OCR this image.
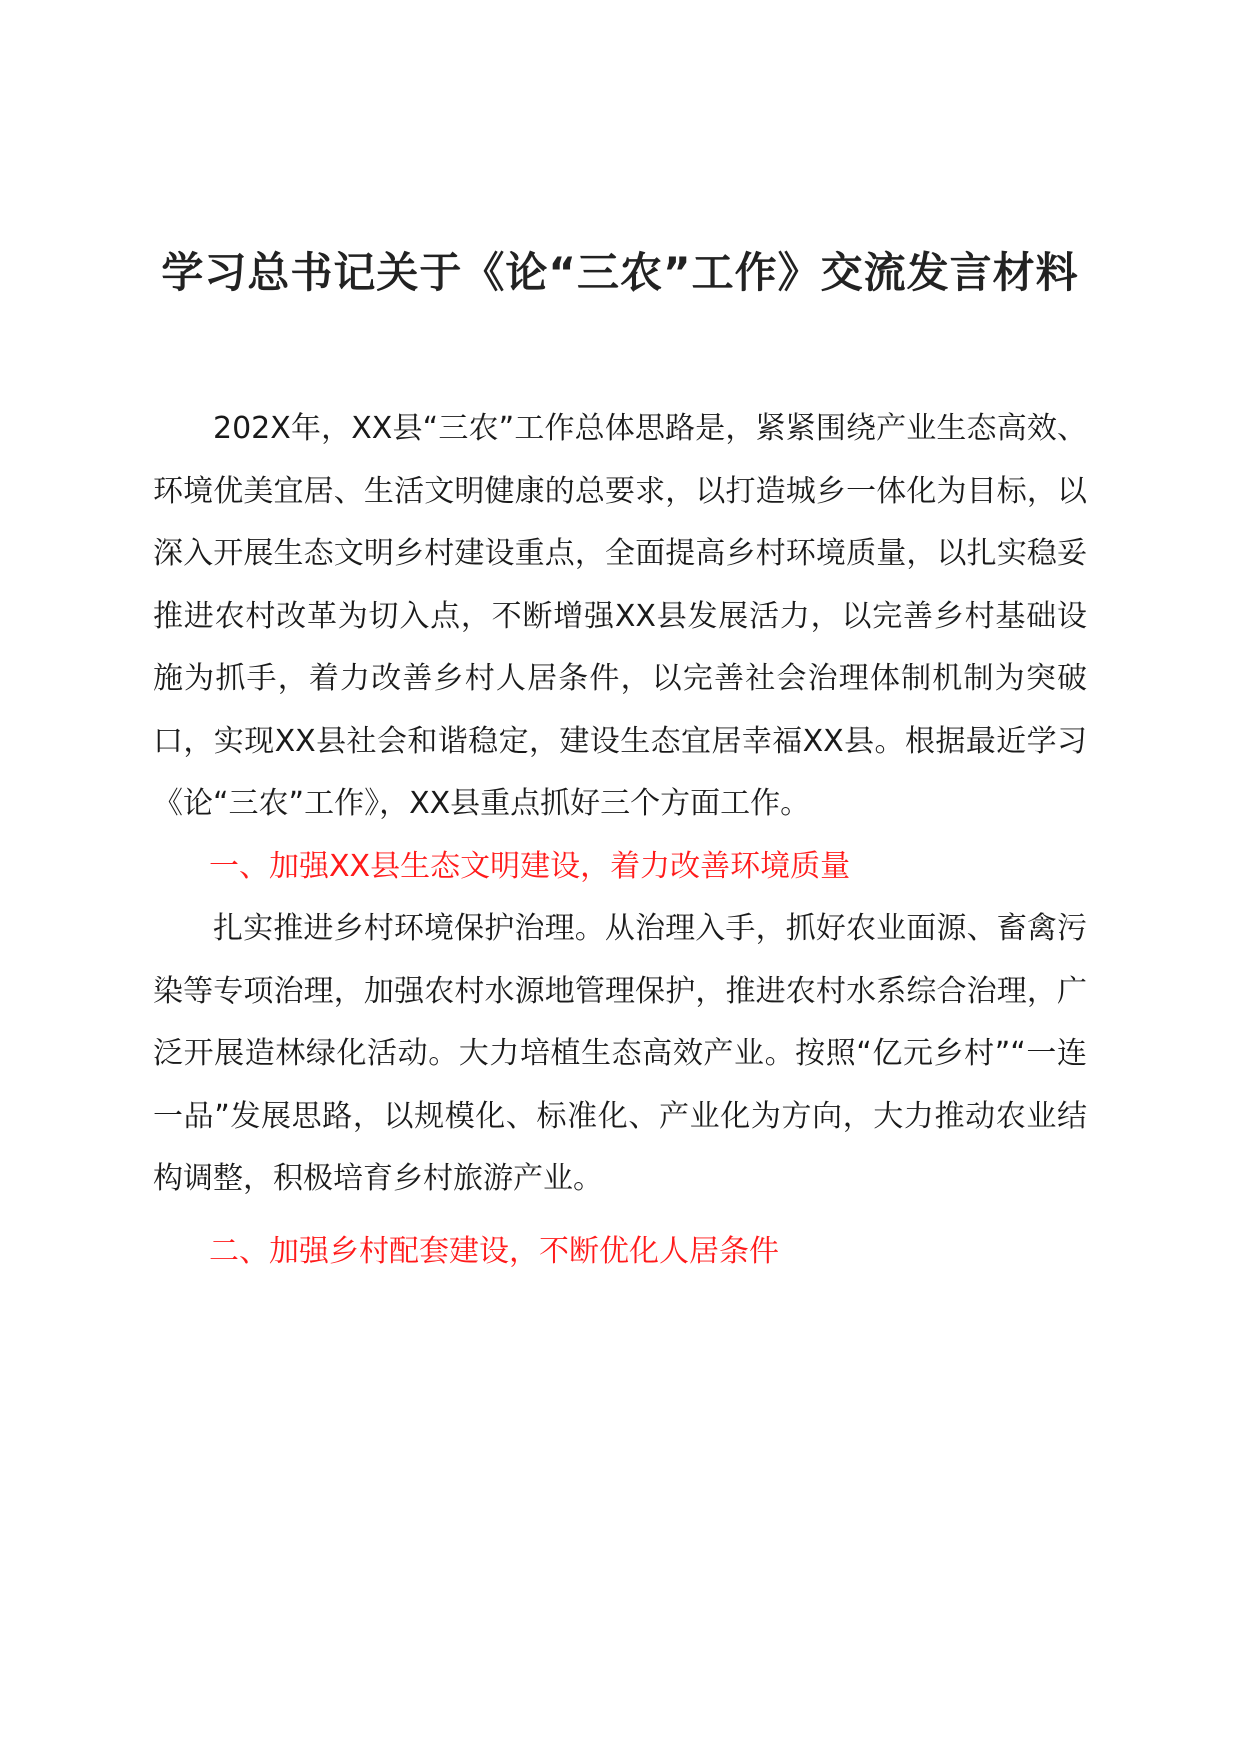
学习总书记关于《论“三农”工作》交流发言材料

202X年，XX县“三农”工作总体思路是，紧紧围绕产业生态高效、环境优美宜居、生活文明健康的总要求，以打造城乡一体化为目标，以深入开展生态文明乡村建设重点，全面提高乡村环境质量，以扎实稳妥推进农村改革为切入点，不断增强XX县发展活力，以完善乡村基础设施为抓手，着力改善乡村人居条件，以完善社会治理体制机制为突破口，实现XX县社会和谐稳定，建设生态宜居幸福XX县。根据最近学习《论“三农”工作》，XX县重点抓好三个方面工作。

一、加强XX县生态文明建设，着力改善环境质量

扎实推进乡村环境保护治理。从治理入手，抓好农业面源、畜禽污染等专项治理，加强农村水源地管理保护，推进农村水系综合治理，广泛开展造林绿化活动。大力培植生态高效产业。按照“亿元乡村”“一连一品”发展思路，以规模化、标准化、产业化为方向，大力推动农业结构调整，积极培育乡村旅游产业。

二、加强乡村配套建设，不断优化人居条件
